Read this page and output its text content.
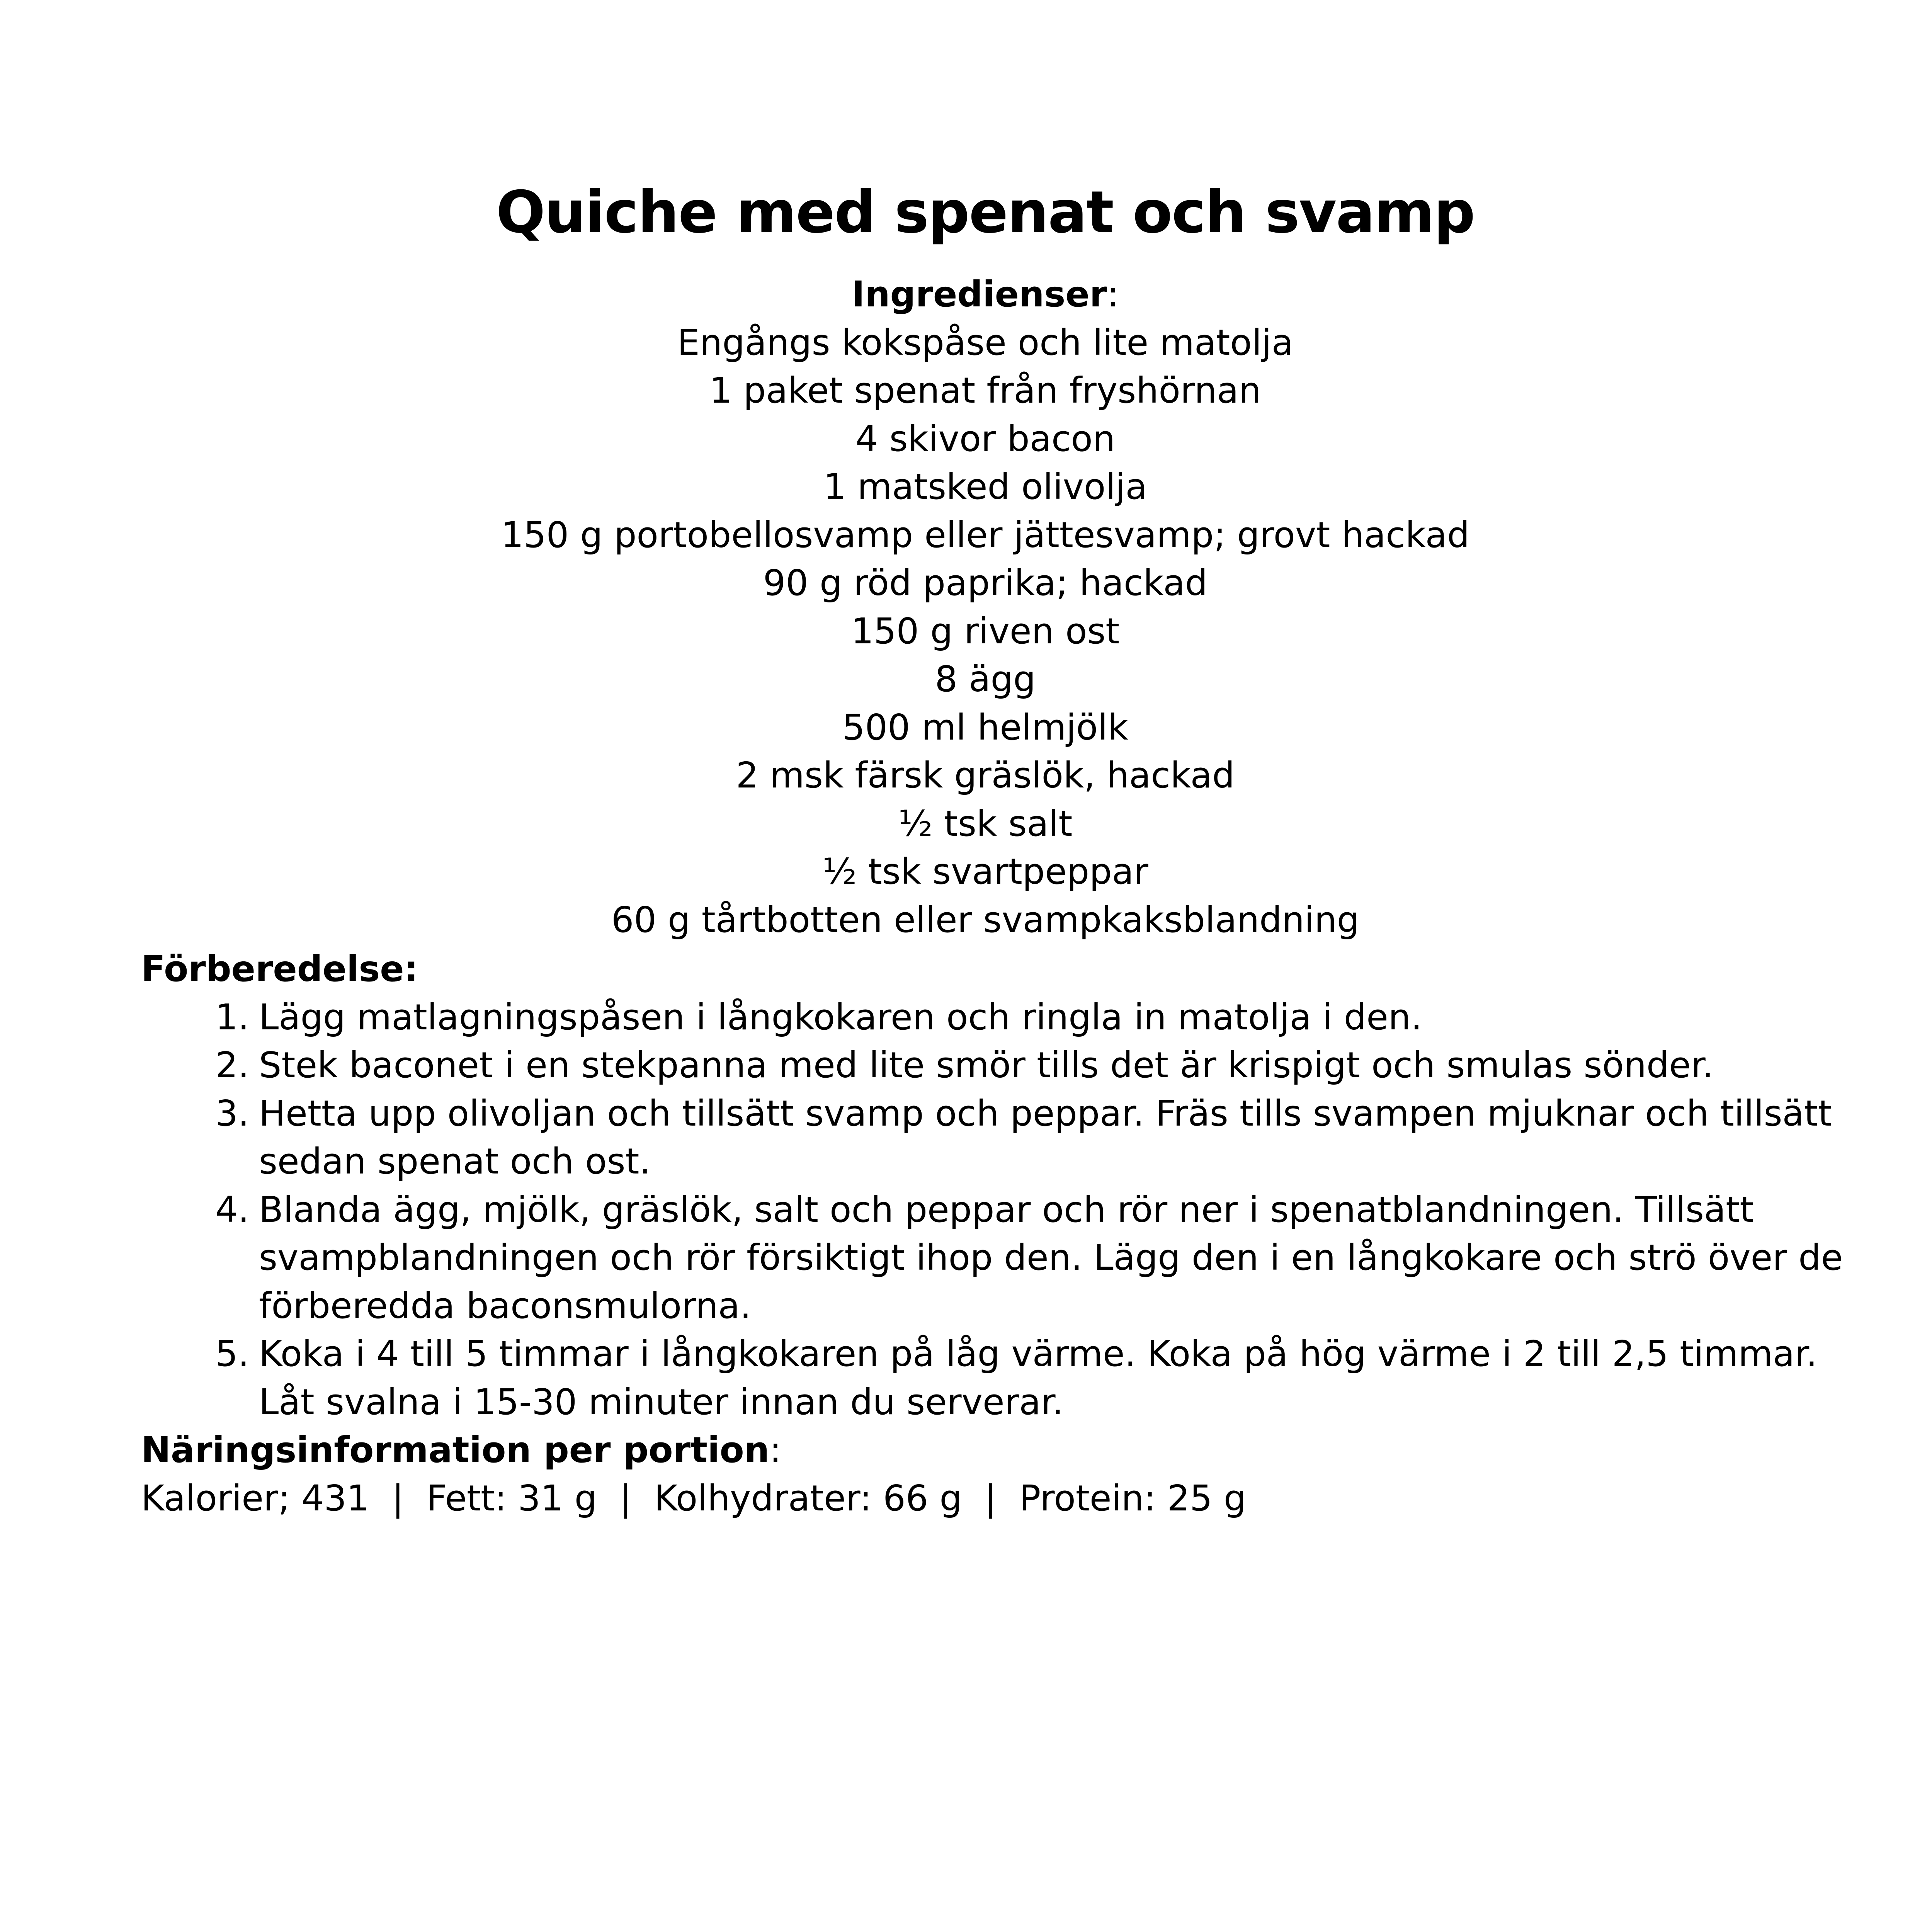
Quiche med spenat och svamp
Ingredienser:
Engångs kokspåse och lite matolja
1 paket spenat från fryshörnan
4 skivor bacon
1 matsked olivolja
150 g portobellosvamp eller jättesvamp; grovt hackad
90 g röd paprika; hackad
150 g riven ost
8 ägg
500 ml helmjölk
2 msk färsk gräslök, hackad
½ tsk salt
½ tsk svartpeppar
60 g tårtbotten eller svampkaksblandning
Förberedelse:
1. Lägg matlagningspåsen i långkokaren och ringla in matolja i den.
2. Stek baconet i en stekpanna med lite smör tills det är krispigt och smulas sönder.
3. Hetta upp olivoljan och tillsätt svamp och peppar. Fräs tills svampen mjuknar och tillsätt sedan spenat och ost.
4. Blanda ägg, mjölk, gräslök, salt och peppar och rör ner i spenatblandningen. Tillsätt svampblandningen och rör försiktigt ihop den. Lägg den i en långkokare och strö över de förberedda baconsmulorna.
5. Koka i 4 till 5 timmar i långkokaren på låg värme. Koka på hög värme i 2 till 2,5 timmar. Låt svalna i 15-30 minuter innan du serverar.
Näringsinformation per portion:
Kalorier; 431  |  Fett: 31 g  |  Kolhydrater: 66 g  |  Protein: 25 g
